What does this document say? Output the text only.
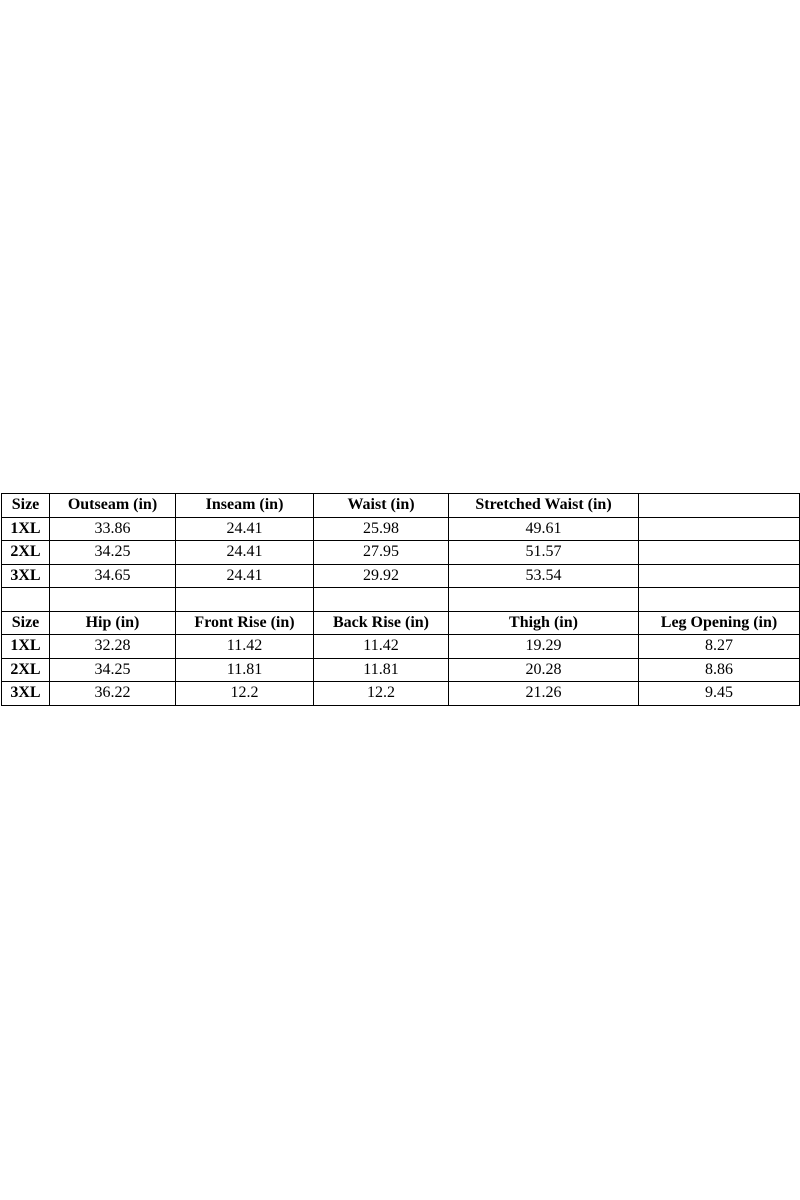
Size	Outseam (in)	Inseam (in)	Waist (in)	Stretched Waist (in)	
1XL	33.86	24.41	25.98	49.61	
2XL	34.25	24.41	27.95	51.57	
3XL	34.65	24.41	29.92	53.54	

Size	Hip (in)	Front Rise (in)	Back Rise (in)	Thigh (in)	Leg Opening (in)
1XL	32.28	11.42	11.42	19.29	8.27
2XL	34.25	11.81	11.81	20.28	8.86
3XL	36.22	12.2	12.2	21.26	9.45
